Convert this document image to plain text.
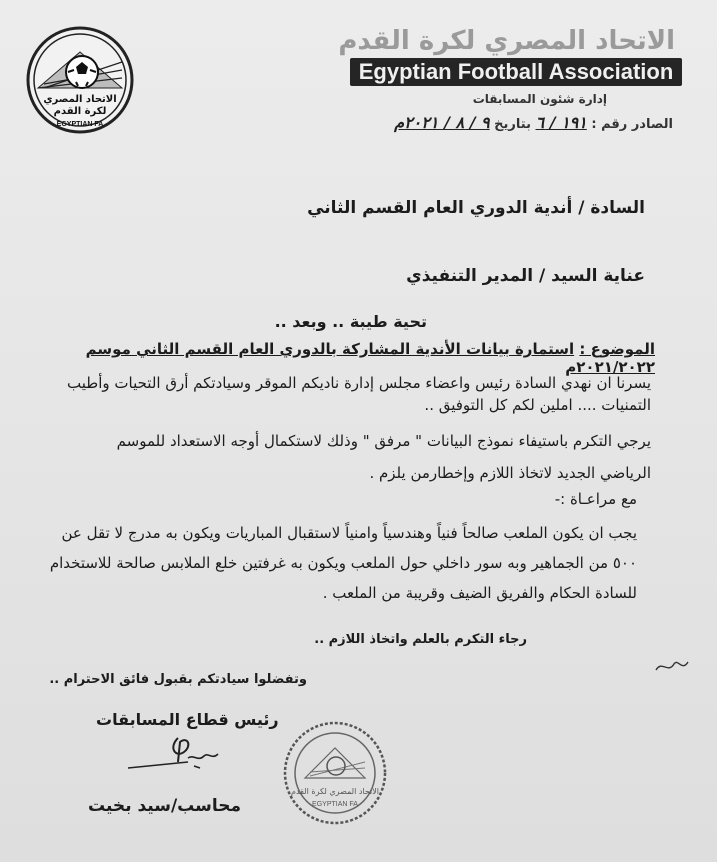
الاتحاد المصري
لكرة القدم
EGYPTIAN FA
الاتحاد المصري لكرة القدم
Egyptian Football Association
إدارة شئون المسابقات
الصادر رقم : ١٩١ / ٦ بتاريخ ٩ / ٨ / ٢٠٢١م
السادة / أندية الدوري العام القسم الثاني
عناية السيد / المدير التنفيذي
تحية طيبة .. وبعد ..
الموضوع : استمارة بيانات الأندية المشاركة بالدوري العام القسم الثاني موسم ٢٠٢١/٢٠٢٢م
يسرنا ان نهدي السادة رئيس واعضاء مجلس إدارة ناديكم الموقر وسيادتكم أرق التحيات وأطيب التمنيات .... املين لكم كل التوفيق ..
يرجي التكرم باستيفاء نموذج البيانات " مرفق " وذلك لاستكمال أوجه الاستعداد للموسم
الرياضي الجديد لاتخاذ اللازم وإخطارمن يلزم .
مع مراعـاة :-
يجب ان يكون الملعب صالحاً فنياً وهندسياً وامنياً لاستقبال المباريات ويكون به مدرج لا تقل عن ٥٠٠ من الجماهير وبه سور داخلي حول الملعب ويكون به غرفتين خلع الملابس صالحة للاستخدام للسادة الحكام والفريق الضيف وقريبة من الملعب .
رجاء التكرم بالعلم واتخاذ اللازم ..
وتفضلوا سيادتكم بقبول فائق الاحترام ..
رئيس قطاع المسابقات
محاسب/سيد بخيت
الاتحاد المصري لكرة القدم
EGYPTIAN FA
